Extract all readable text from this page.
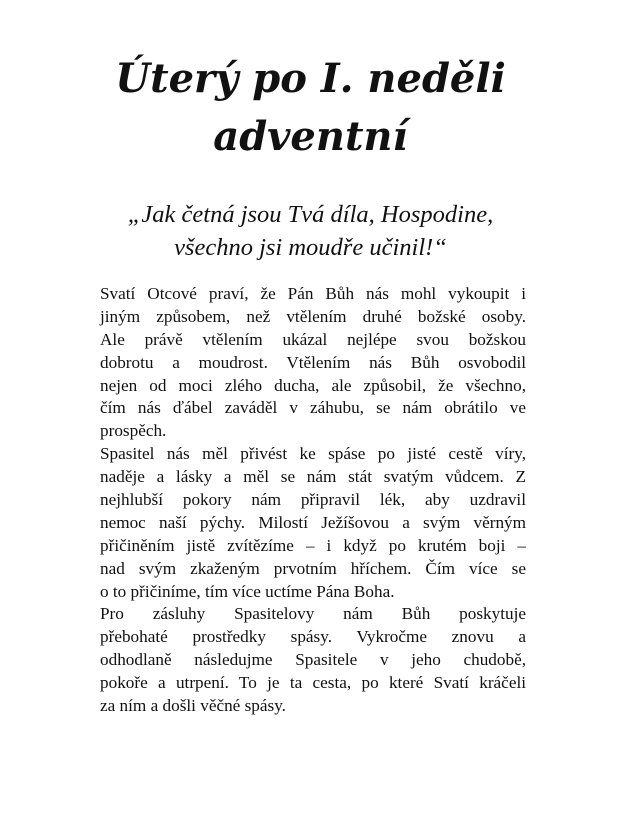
Úterý po I. neděli
adventní
„Jak četná jsou Tvá díla, Hospodine,
všechno jsi moudře učinil!“

Svatí Otcové praví, že Pán Bůh nás mohl vykoupit i
jiným způsobem, než vtělením druhé božské osoby.
Ale právě vtělením ukázal nejlépe svou božskou
dobrotu a moudrost. Vtělením nás Bůh osvobodil
nejen od moci zlého ducha, ale způsobil, že všechno,
čím nás ďábel zaváděl v záhubu, se nám obrátilo ve
prospěch.

Spasitel nás měl přivést ke spáse po jisté cestě víry,
naděje a lásky a měl se nám stát svatým vůdcem. Z
nejhlubší pokory nám připravil lék, aby uzdravil
nemoc naší pýchy. Milostí Ježíšovou a svým věrným
přičiněním jistě zvítězíme – i když po krutém boji –
nad svým zkaženým prvotním hříchem. Čím více se
o to přičiníme, tím více uctíme Pána Boha.

Pro zásluhy Spasitelovy nám Bůh poskytuje
přebohaté prostředky spásy. Vykročme znovu a
odhodlaně následujme Spasitele v jeho chudobě,
pokoře a utrpení. To je ta cesta, po které Svatí kráčeli
za ním a došli věčné spásy.
